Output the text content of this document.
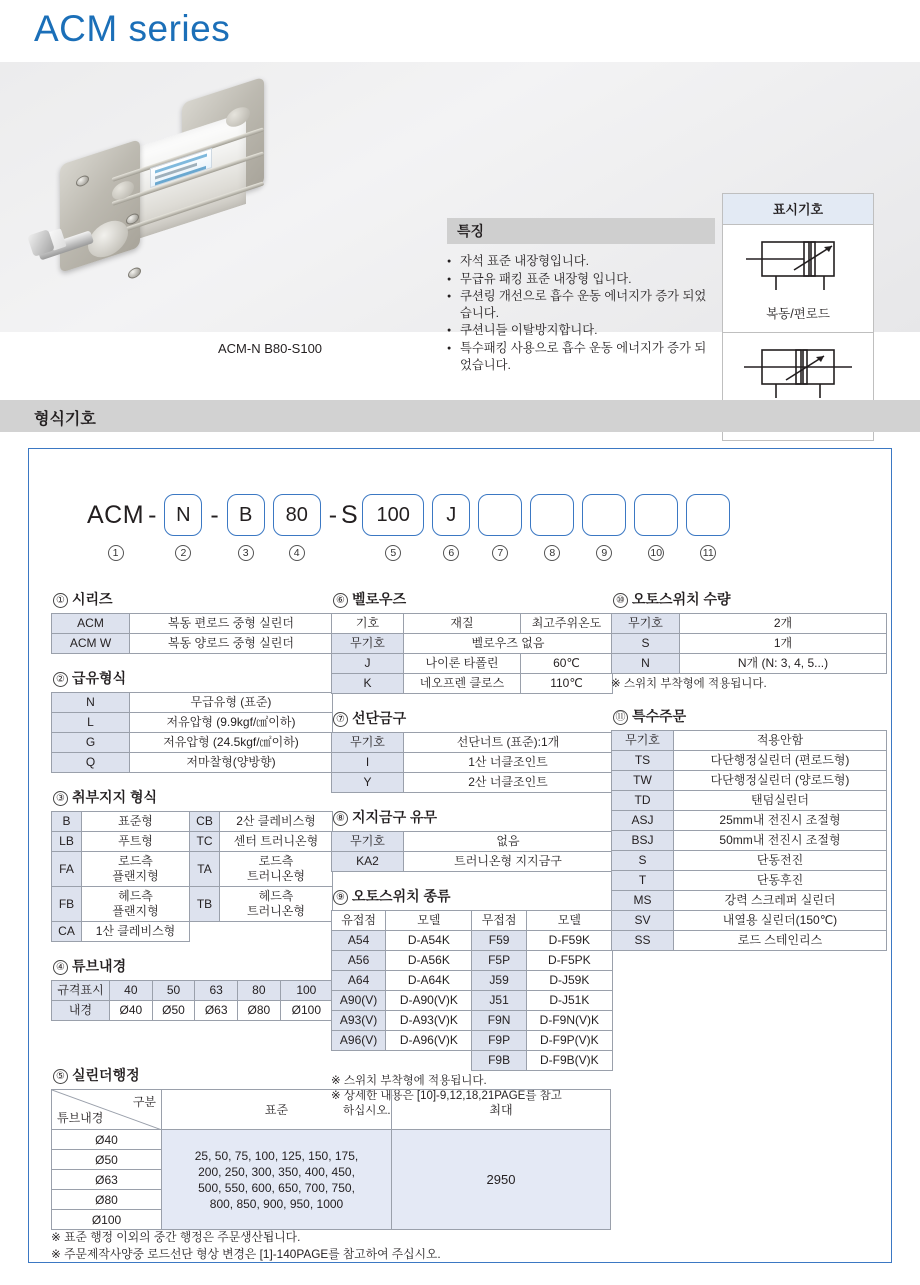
ACM series
ACM-N B80-S100
특징
● 자석 표준 내장형입니다.
● 무급유 패킹 표준 내장형 입니다.
● 쿠션링 개선으로 흡수 운동 에너지가 증가 되었습니다.
● 쿠션니들 이탈방지합니다.
● 특수패킹 사용으로 흡수 운동 에너지가 증가 되었습니다.
표시기호
복동/편로드
형식기호
ACM - N -	B	80 - S 100	J
1	2	3	4	5	6	7	8	9	10	11
① 시리즈
ACM	복동 편로드 중형 실린더
ACM W	복동 양로드 중형 실린더
② 급유형식
N	무급유형 (표준)
L	저유압형 (9.9kgf/㎠이하)
G	저유압형 (24.5kgf/㎠이하)
Q	저마찰형(양방향)
③ 취부지지 형식
B	표준형	CB	2산 클레비스형
LB	푸트형	TC	센터 트러니온형
FA	로드측
플랜지형	TA	로드측
트러니온형
FB	헤드측
플랜지형	TB	헤드측
트러니온형
CA	1산 클레비스형		
④ 튜브내경
규격표시	40	50	63	80	100
내경	Ø40	Ø50	Ø63	Ø80	Ø100
⑥ 벨로우즈
기호	재질	최고주위온도
무기호	벨로우즈 없음	
J	나이론 타폴린	60℃
K	네오프렌 클로스	110℃
⑦ 선단금구
무기호	선단너트 (표준):1개
I	1산 너클조인트
Y	2산 너클조인트
⑧ 지지금구 유무
무기호	없음
KA2	트러니온형 지지금구
⑨ 오토스위치 종류
유접점	모델	무접점	모델
A54	D-A54K	F59	D-F59K
A56	D-A56K	F5P	D-F5PK
A64	D-A64K	J59	D-J59K
A90(V)	D-A90(V)K	J51	D-J51K
A93(V)	D-A93(V)K	F9N	D-F9N(V)K
A96(V)	D-A96(V)K	F9P	D-F9P(V)K
		F9B	D-F9B(V)K
※ 스위치 부착형에 적용됩니다.
※ 상세한 내용은 [10]-9,12,18,21PAGE를 참고
하십시오.
⑩ 오토스위치 수량
무기호	2개
S	1개
N	N개 (N: 3, 4, 5...)
※ 스위치 부착형에 적용됩니다.
⑪ 특수주문
무기호	적용안함
TS	다단행정실린더 (편로드형)
TW	다단행정실린더 (양로드형)
TD	탠덤실린더
ASJ	25mm내 전진시 조절형
BSJ	50mm내 전진시 조절형
S	단동전진
T	단동후진
MS	강력 스크레퍼 실린더
SV	내열용 실린더(150℃)
SS	로드 스테인리스
⑤ 실린더행정
구분
튜브내경	표준	최대
Ø40	25, 50, 75, 100, 125, 150, 175,
200, 250, 300, 350, 400, 450,
500, 550, 600, 650, 700, 750,
800, 850, 900, 950, 1000	2950
Ø50		
Ø63		
Ø80		
Ø100		

※ 표준 행정 이외의 중간 행정은 주문생산됩니다.

※ 주문제작사양중 로드선단 형상 변경은 [1]-140PAGE를 참고하여 주십시오.
